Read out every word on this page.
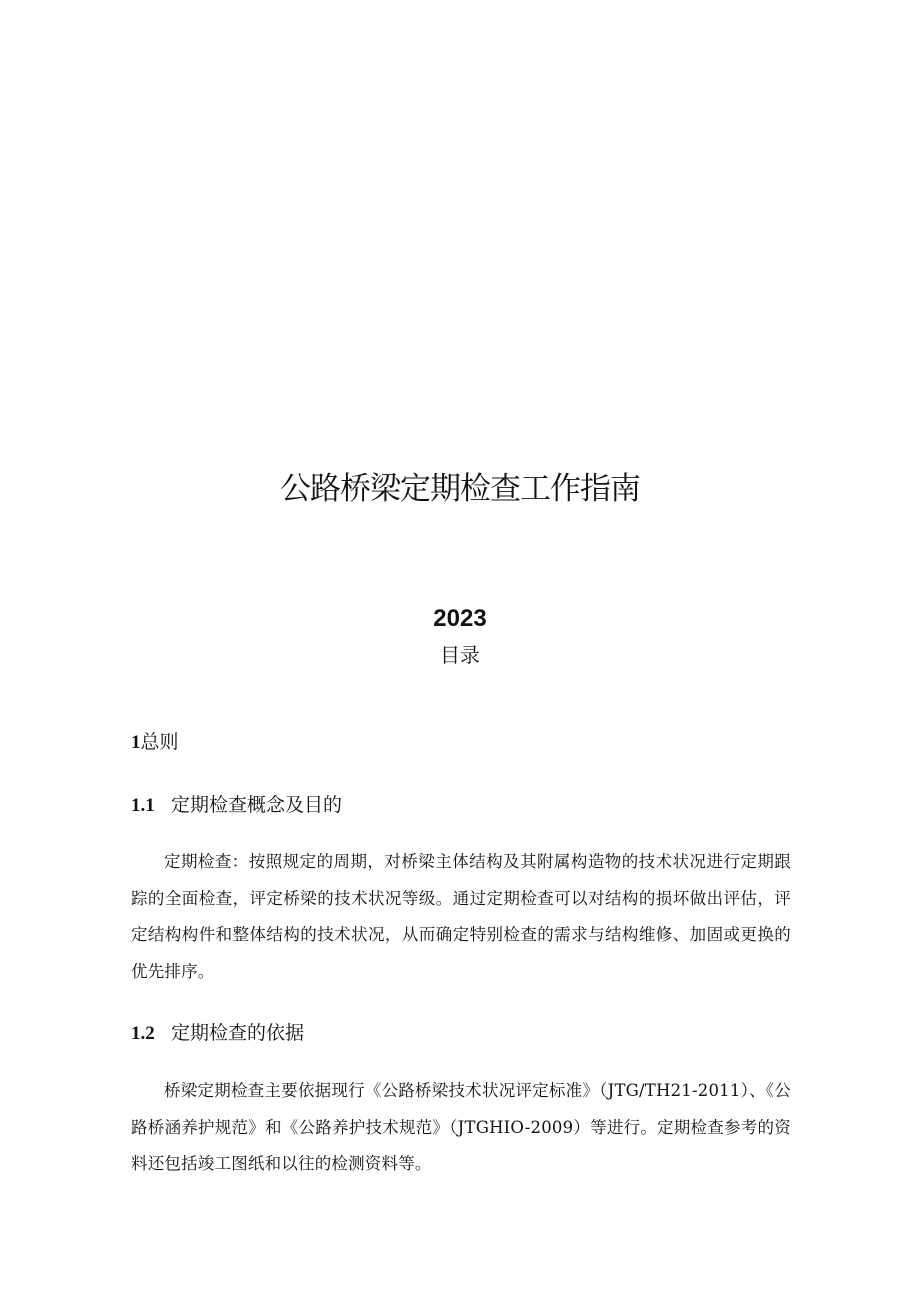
公路桥梁定期检查工作指南
2023
目录
1总则
1.1 定期检查概念及目的

定期检查：按照规定的周期，对桥梁主体结构及其附属构造物的技术状况进行定期跟踪的全面检查，评定桥梁的技术状况等级。通过定期检查可以对结构的损坏做出评估，评定结构构件和整体结构的技术状况，从而确定特别检查的需求与结构维修、加固或更换的优先排序。

1.2 定期检查的依据

桥梁定期检查主要依据现行《公路桥梁技术状况评定标准》（JTG/TH21-2011）、《公路桥涵养护规范》和《公路养护技术规范》（JTGHIO-2009）等进行。定期检查参考的资料还包括竣工图纸和以往的检测资料等。
